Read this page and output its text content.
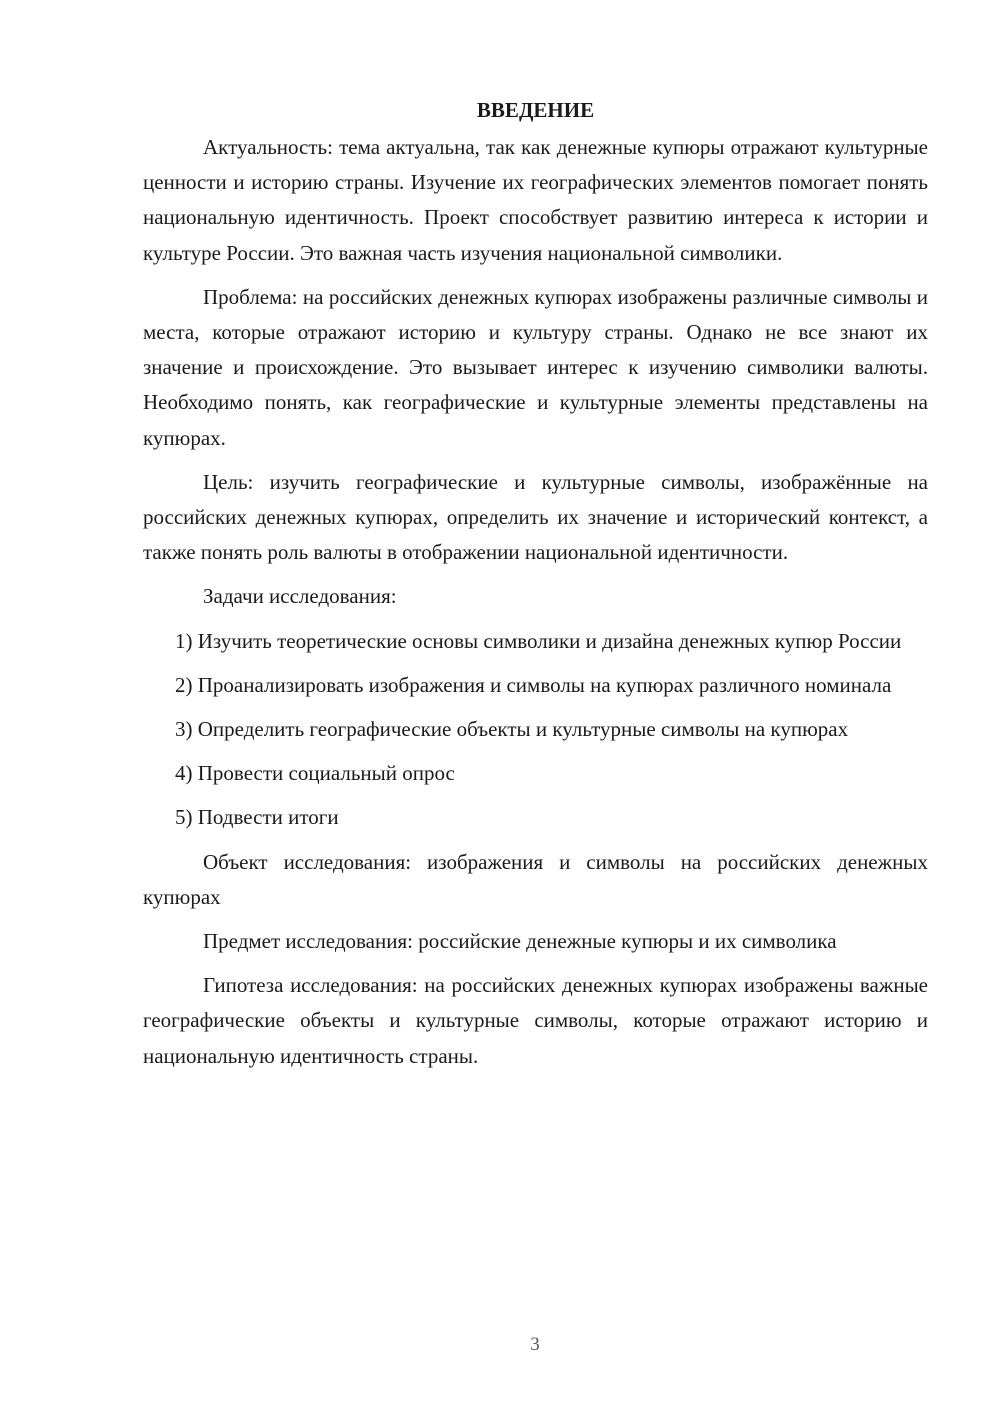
ВВЕДЕНИЕ

Актуальность: тема актуальна, так как денежные купюры отражают культурные ценности и историю страны. Изучение их географических элементов помогает понять национальную идентичность. Проект способствует развитию интереса к истории и культуре России. Это важная часть изучения национальной символики.

Проблема: на российских денежных купюрах изображены различные символы и места, которые отражают историю и культуру страны. Однако не все знают их значение и происхождение. Это вызывает интерес к изучению символики валюты. Необходимо понять, как географические и культурные элементы представлены на купюрах.

Цель: изучить географические и культурные символы, изображённые на российских денежных купюрах, определить их значение и исторический контекст, а также понять роль валюты в отображении национальной идентичности.

Задачи исследования:

1) Изучить теоретические основы символики и дизайна денежных купюр России

2) Проанализировать изображения и символы на купюрах различного номинала

3) Определить географические объекты и культурные символы на купюрах

4) Провести социальный опрос

5) Подвести итоги

Объект исследования: изображения и символы на российских денежных купюрах

Предмет исследования: российские денежные купюры и их символика

Гипотеза исследования: на российских денежных купюрах изображены важные географические объекты и культурные символы, которые отражают историю и национальную идентичность страны.

3
